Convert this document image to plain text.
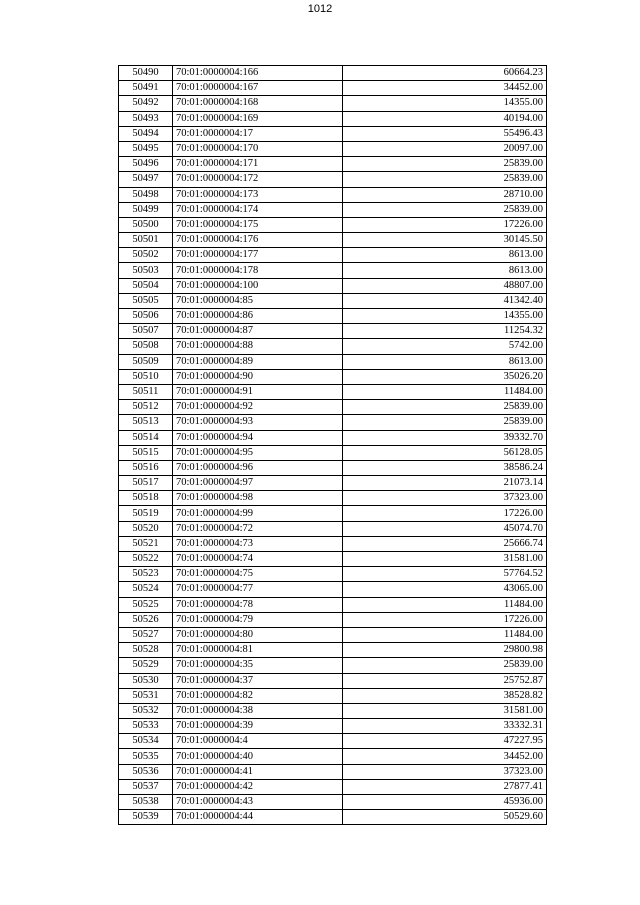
1012
50490	70:01:0000004:166	60664.23
50491	70:01:0000004:167	34452.00
50492	70:01:0000004:168	14355.00
50493	70:01:0000004:169	40194.00
50494	70:01:0000004:17	55496.43
50495	70:01:0000004:170	20097.00
50496	70:01:0000004:171	25839.00
50497	70:01:0000004:172	25839.00
50498	70:01:0000004:173	28710.00
50499	70:01:0000004:174	25839.00
50500	70:01:0000004:175	17226.00
50501	70:01:0000004:176	30145.50
50502	70:01:0000004:177	8613.00
50503	70:01:0000004:178	8613.00
50504	70:01:0000004:100	48807.00
50505	70:01:0000004:85	41342.40
50506	70:01:0000004:86	14355.00
50507	70:01:0000004:87	11254.32
50508	70:01:0000004:88	5742.00
50509	70:01:0000004:89	8613.00
50510	70:01:0000004:90	35026.20
50511	70:01:0000004:91	11484.00
50512	70:01:0000004:92	25839.00
50513	70:01:0000004:93	25839.00
50514	70:01:0000004:94	39332.70
50515	70:01:0000004:95	56128.05
50516	70:01:0000004:96	38586.24
50517	70:01:0000004:97	21073.14
50518	70:01:0000004:98	37323.00
50519	70:01:0000004:99	17226.00
50520	70:01:0000004:72	45074.70
50521	70:01:0000004:73	25666.74
50522	70:01:0000004:74	31581.00
50523	70:01:0000004:75	57764.52
50524	70:01:0000004:77	43065.00
50525	70:01:0000004:78	11484.00
50526	70:01:0000004:79	17226.00
50527	70:01:0000004:80	11484.00
50528	70:01:0000004:81	29800.98
50529	70:01:0000004:35	25839.00
50530	70:01:0000004:37	25752.87
50531	70:01:0000004:82	38528.82
50532	70:01:0000004:38	31581.00
50533	70:01:0000004:39	33332.31
50534	70:01:0000004:4	47227.95
50535	70:01:0000004:40	34452.00
50536	70:01:0000004:41	37323.00
50537	70:01:0000004:42	27877.41
50538	70:01:0000004:43	45936.00
50539	70:01:0000004:44	50529.60
